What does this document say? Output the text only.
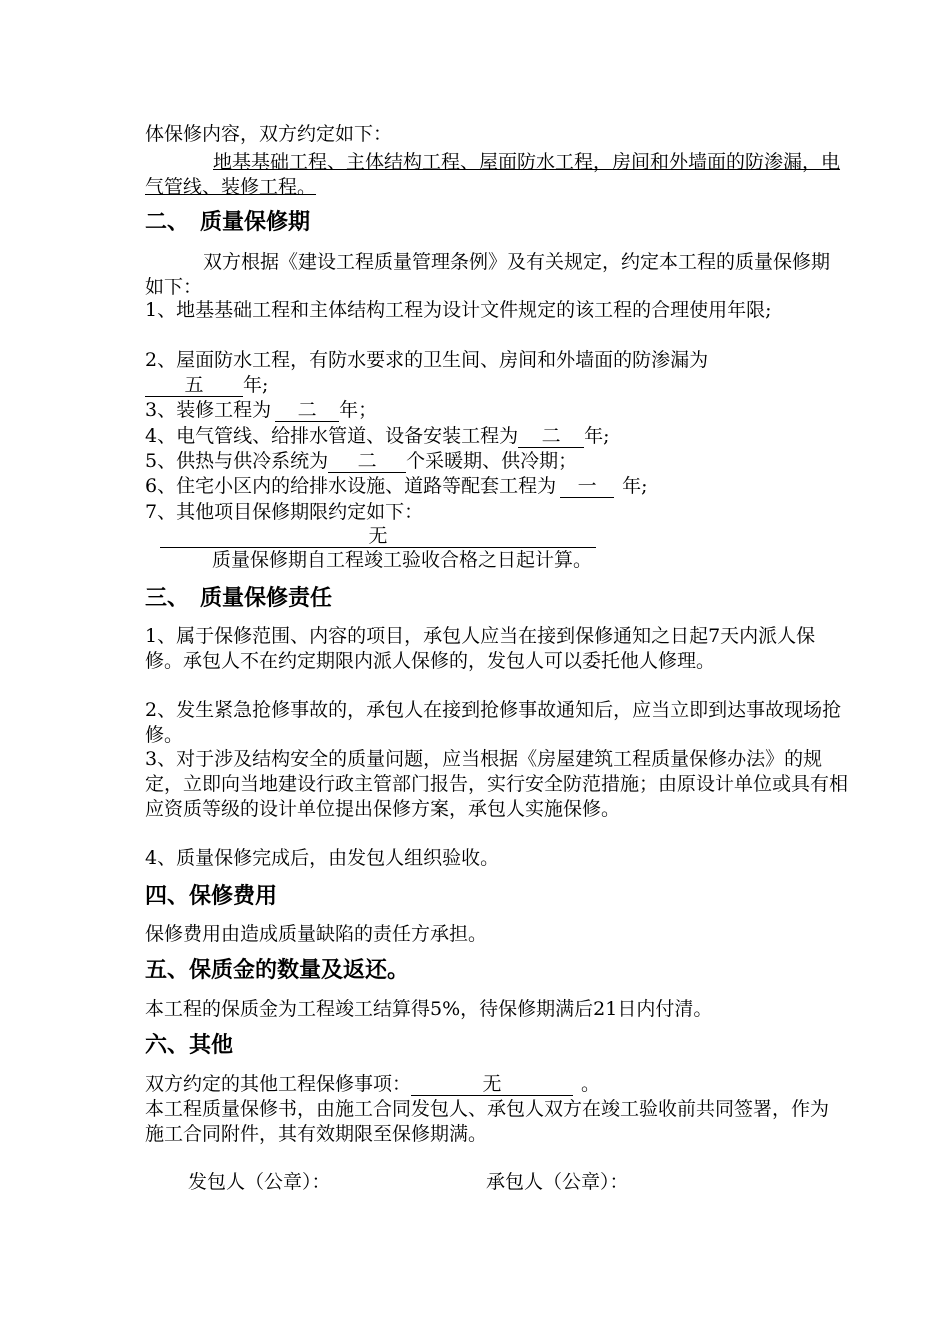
体保修内容，双方约定如下：
地基基础工程、主体结构工程、屋面防水工程，房间和外墙面的防渗漏，电气管线、装修工程。
二、　质量保修期
双方根据《建设工程质量管理条例》及有关规定，约定本工程的质量保修期如下：
1、地基基础工程和主体结构工程为设计文件规定的该工程的合理使用年限;
2、屋面防水工程，有防水要求的卫生间、房间和外墙面的防渗漏为
五 年;
3、装修工程为 二 年；
4、电气管线、给排水管道、设备安装工程为 二 年;
5、供热与供冷系统为 二 个采暖期、供冷期；
6、住宅小区内的给排水设施、道路等配套工程为 一 年;
7、其他项目保修期限约定如下：
无
质量保修期自工程竣工验收合格之日起计算。
三、　质量保修责任
1、属于保修范围、内容的项目，承包人应当在接到保修通知之日起7天内派人保修。承包人不在约定期限内派人保修的，发包人可以委托他人修理。
2、发生紧急抢修事故的，承包人在接到抢修事故通知后，应当立即到达事故现场抢修。
3、对于涉及结构安全的质量问题，应当根据《房屋建筑工程质量保修办法》的规定，立即向当地建设行政主管部门报告，实行安全防范措施；由原设计单位或具有相应资质等级的设计单位提出保修方案，承包人实施保修。
4、质量保修完成后，由发包人组织验收。
四、保修费用
保修费用由造成质量缺陷的责任方承担。
五、保质金的数量及返还。
本工程的保质金为工程竣工结算得5%，待保修期满后21日内付清。
六、其他
双方约定的其他工程保修事项：	无	。
本工程质量保修书，由施工合同发包人、承包人双方在竣工验收前共同签署，作为施工合同附件，其有效期限至保修期满。
发包人（公章）：	承包人（公章）：
